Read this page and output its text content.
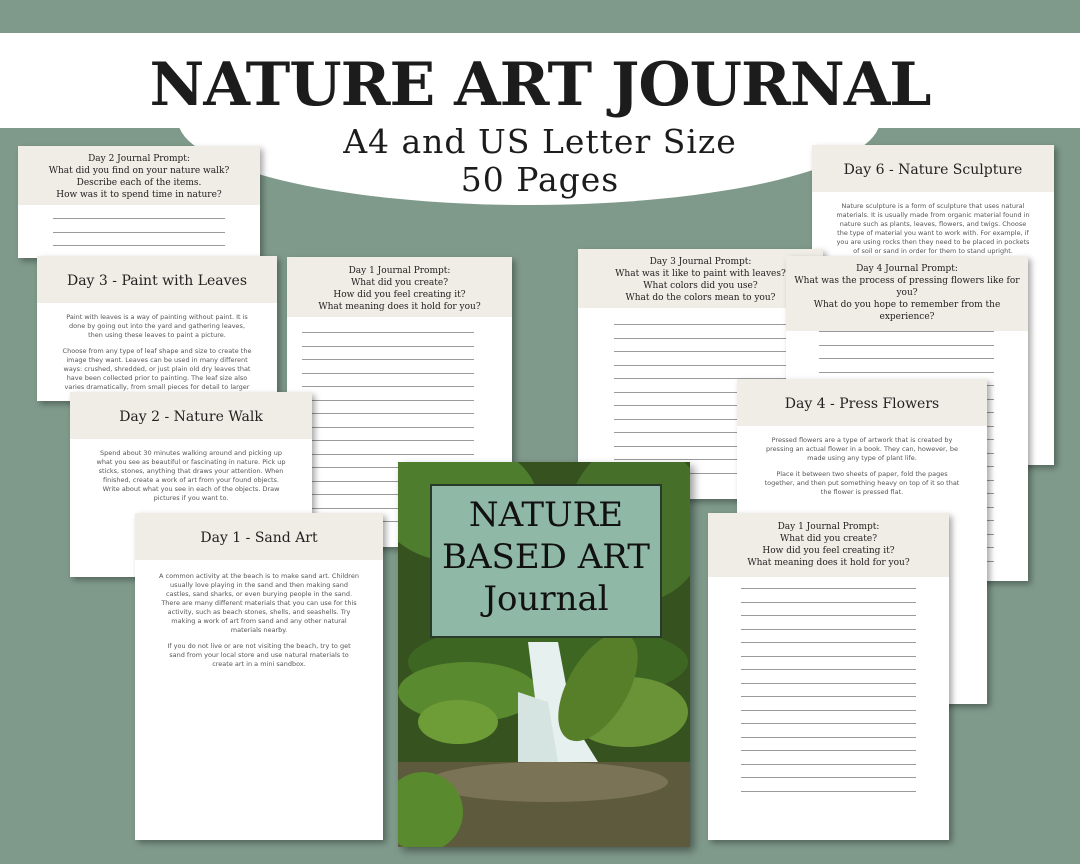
NATURE ART JOURNAL
A4 and US Letter Size
50 Pages
Day 2 Journal Prompt:
What did you find on your nature walk?
Describe each of the items.
How was it to spend time in nature?
Day 6 - Nature Sculpture

Nature sculpture is a form of sculpture that uses natural materials. It is usually made from organic material found in nature such as plants, leaves, flowers, and twigs. Choose the type of material you want to work with. For example, if you are using rocks then they need to be placed in pockets of soil or sand in order for them to stand upright.

Day 1 Journal Prompt:
What did you create?
How did you feel creating it?
What meaning does it hold for you?
Day 3 - Paint with Leaves

Paint with leaves is a way of painting without paint. It is done by going out into the yard and gathering leaves, then using these leaves to paint a picture.

Choose from any type of leaf shape and size to create the image they want. Leaves can be used in many different ways: crushed, shredded, or just plain old dry leaves that have been collected prior to painting. The leaf size also varies dramatically, from small pieces for detail to larger

Day 3 Journal Prompt:
What was it like to paint with leaves?
What colors did you use?
What do the colors mean to you?
Day 4 Journal Prompt:
What was the process of pressing flowers like for you?
What do you hope to remember from the experience?
Day 2 - Nature Walk

Spend about 30 minutes walking around and picking up what you see as beautiful or fascinating in nature. Pick up sticks, stones, anything that draws your attention. When finished, create a work of art from your found objects. Write about what you see in each of the objects. Draw pictures if you want to.

Day 4 - Press Flowers

Pressed flowers are a type of artwork that is created by pressing an actual flower in a book. They can, however, be made using any type of plant life.

Place it between two sheets of paper, fold the pages together, and then put something heavy on top of it so that the flower is pressed flat.

Day 1 - Sand Art

A common activity at the beach is to make sand art. Children usually love playing in the sand and then making sand castles, sand sharks, or even burying people in the sand. There are many different materials that you can use for this activity, such as beach stones, shells, and seashells. Try making a work of art from sand and any other natural materials nearby.

If you do not live or are not visiting the beach, try to get sand from your local store and use natural materials to create art in a mini sandbox.

Day 1 Journal Prompt:
What did you create?
How did you feel creating it?
What meaning does it hold for you?
NATURE
BASED ART
Journal
